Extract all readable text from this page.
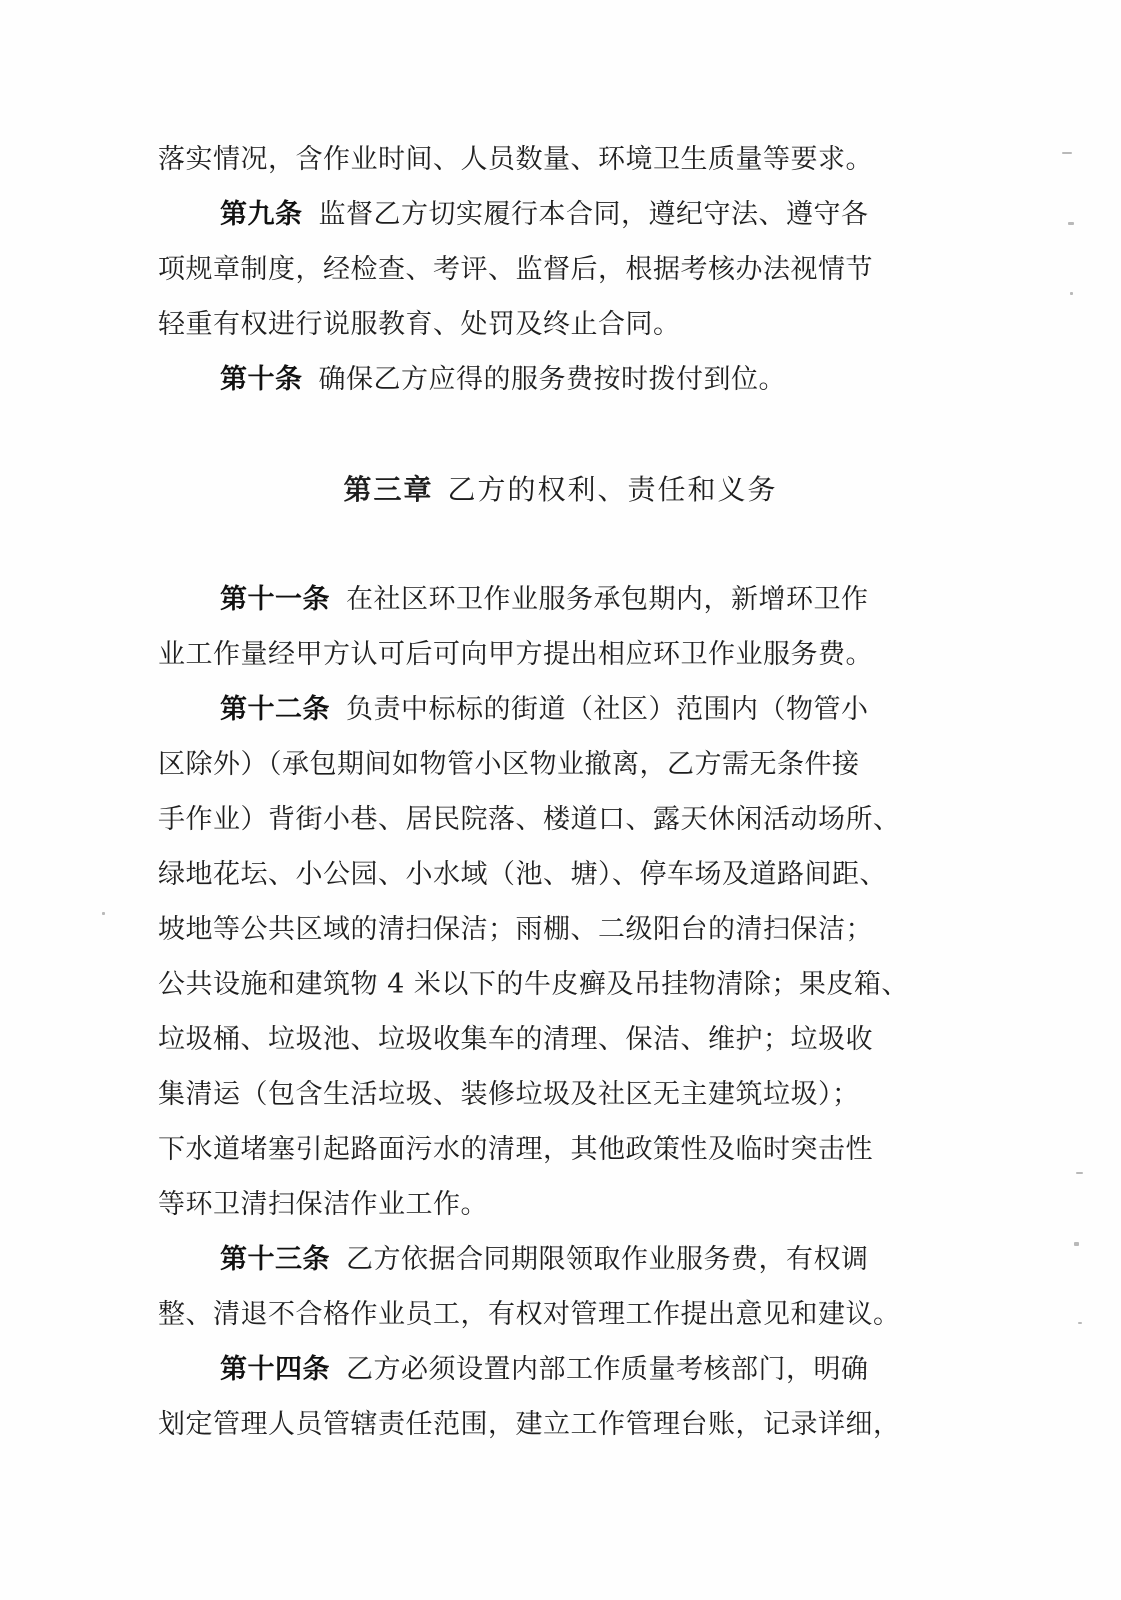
落实情况，含作业时间、人员数量、环境卫生质量等要求。
第九条 监督乙方切实履行本合同，遵纪守法、遵守各
项规章制度，经检查、考评、监督后，根据考核办法视情节
轻重有权进行说服教育、处罚及终止合同。
第十条 确保乙方应得的服务费按时拨付到位。
第三章 乙方的权利、责任和义务
第十一条 在社区环卫作业服务承包期内，新增环卫作
业工作量经甲方认可后可向甲方提出相应环卫作业服务费。
第十二条 负责中标标的街道（社区）范围内（物管小
区除外）（承包期间如物管小区物业撤离，乙方需无条件接
手作业）背街小巷、居民院落、楼道口、露天休闲活动场所、
绿地花坛、小公园、小水域（池、塘）、停车场及道路间距、
坡地等公共区域的清扫保洁；雨棚、二级阳台的清扫保洁；
公共设施和建筑物 4 米以下的牛皮癣及吊挂物清除；果皮箱、
垃圾桶、垃圾池、垃圾收集车的清理、保洁、维护；垃圾收
集清运（包含生活垃圾、装修垃圾及社区无主建筑垃圾）；
下水道堵塞引起路面污水的清理，其他政策性及临时突击性
等环卫清扫保洁作业工作。
第十三条 乙方依据合同期限领取作业服务费，有权调
整、清退不合格作业员工，有权对管理工作提出意见和建议。
第十四条 乙方必须设置内部工作质量考核部门，明确
划定管理人员管辖责任范围，建立工作管理台账，记录详细，
